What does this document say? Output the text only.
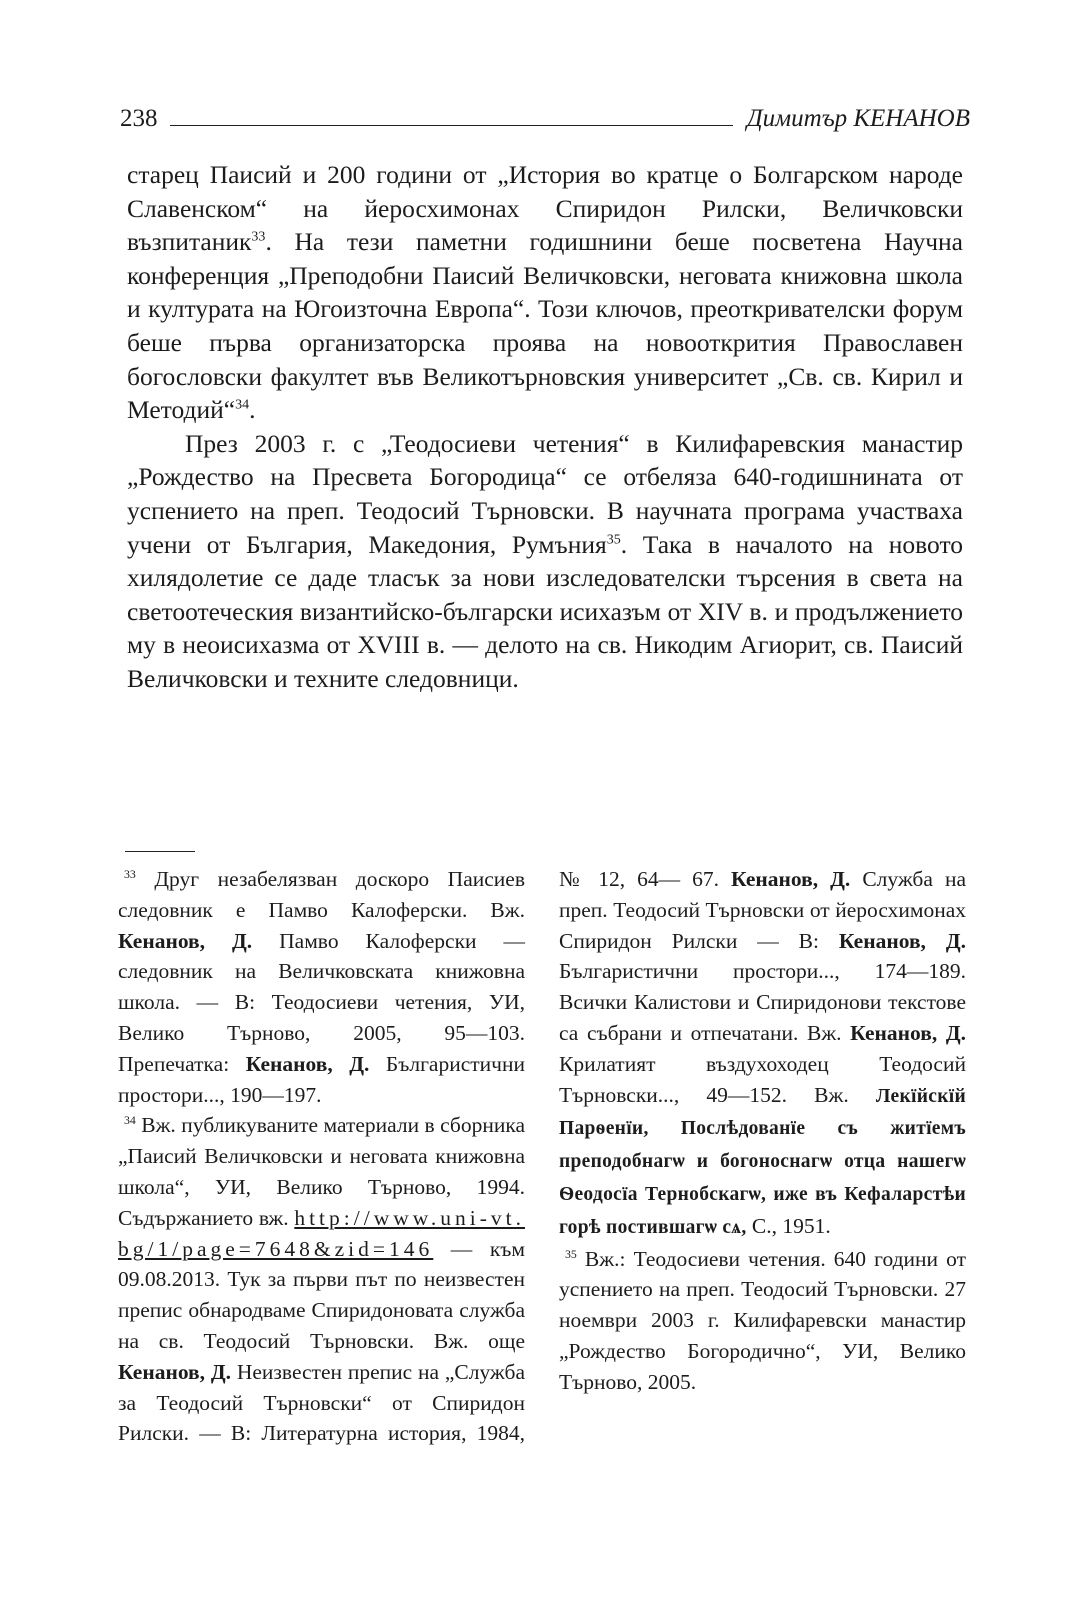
238	Димитър КЕНАНОВ

старец Паисий и 200 години от „История во кратце о Болгарском народе Славенском“ на йеросхимонах Спиридон Рилски, Величковски възпитаник$^{33}$. На тези паметни годишнини беше посветена Научна конференция „Преподобни Паисий Величковски, неговата книжовна школа и културата на Югоизточна Европа“. Този ключов, преоткривателски форум беше първа организаторска проява на новооткрития Православен богословски факултет във Великотърновския университет „Св. св. Кирил и Методий“$^{34}$.

През 2003 г. с „Теодосиеви четения“ в Килифаревския манастир „Рождество на Пресвета Богородица“ се отбеляза 640-годишнината от успението на преп. Теодосий Търновски. В научната програма участваха учени от България, Македония, Румъния$^{35}$. Така в началото на новото хилядолетие се даде тласък за нови изследователски търсения в света на светоотеческия византийско-български исихазъм от XIV в. и продължението му в неоисихазма от XVIII в. — делото на св. Никодим Агиорит, св. Паисий Величковски и техните следовници.

$^{33}$ Друг незабелязван доскоро Паисиев следовник е Памво Калоферски. Вж. Кенанов, Д. Памво Калоферски — следовник на Величковската книжовна школа. — В: Теодосиеви четения, УИ, Велико Търново, 2005, 95—103. Препечатка: Кенанов, Д. Българистични простори..., 190—197.

$^{34}$ Вж. публикуваните материали в сборника „Паисий Величковски и неговата книжовна школа“, УИ, Велико Търново, 1994. Съдържанието вж. http://www.uni-vt.bg/1/page=7648&zid=146 — към 09.08.2013. Тук за първи път по неизвестен препис обнародваме Спиридоновата служба на св. Теодосий Търновски. Вж. още Кенанов, Д. Неизвестен препис на „Служба за Теодосий Търновски“ от Спиридон Рилски. — В: Литературна история, 1984, № 12, 64— 67. Кенанов, Д. Служба на преп. Теодосий Търновски от йеросхимонах Спиридон Рилски — В: Кенанов, Д. Българистични простори..., 174—189. Всички Калистови и Спиридонови текстове са събрани и отпечатани. Вж. Кенанов, Д. Крилатият въздухоходец Теодосий Търновски..., 49—152. Вж. Лекїйскїй Парѳенїи, Послѣдованїе съ житїемъ преподобнагѡ и богоноснагѡ отца нашегѡ Ѳеодосїа Тернобскагѡ, иже въ Кефаларстѣи горѣ постившагѡ сѧ, С., 1951.

$^{35}$ Вж.: Теодосиеви четения. 640 години от успението на преп. Теодосий Търновски. 27 ноември 2003 г. Килифаревски манастир „Рождество Богородично“, УИ, Велико Търново, 2005.
